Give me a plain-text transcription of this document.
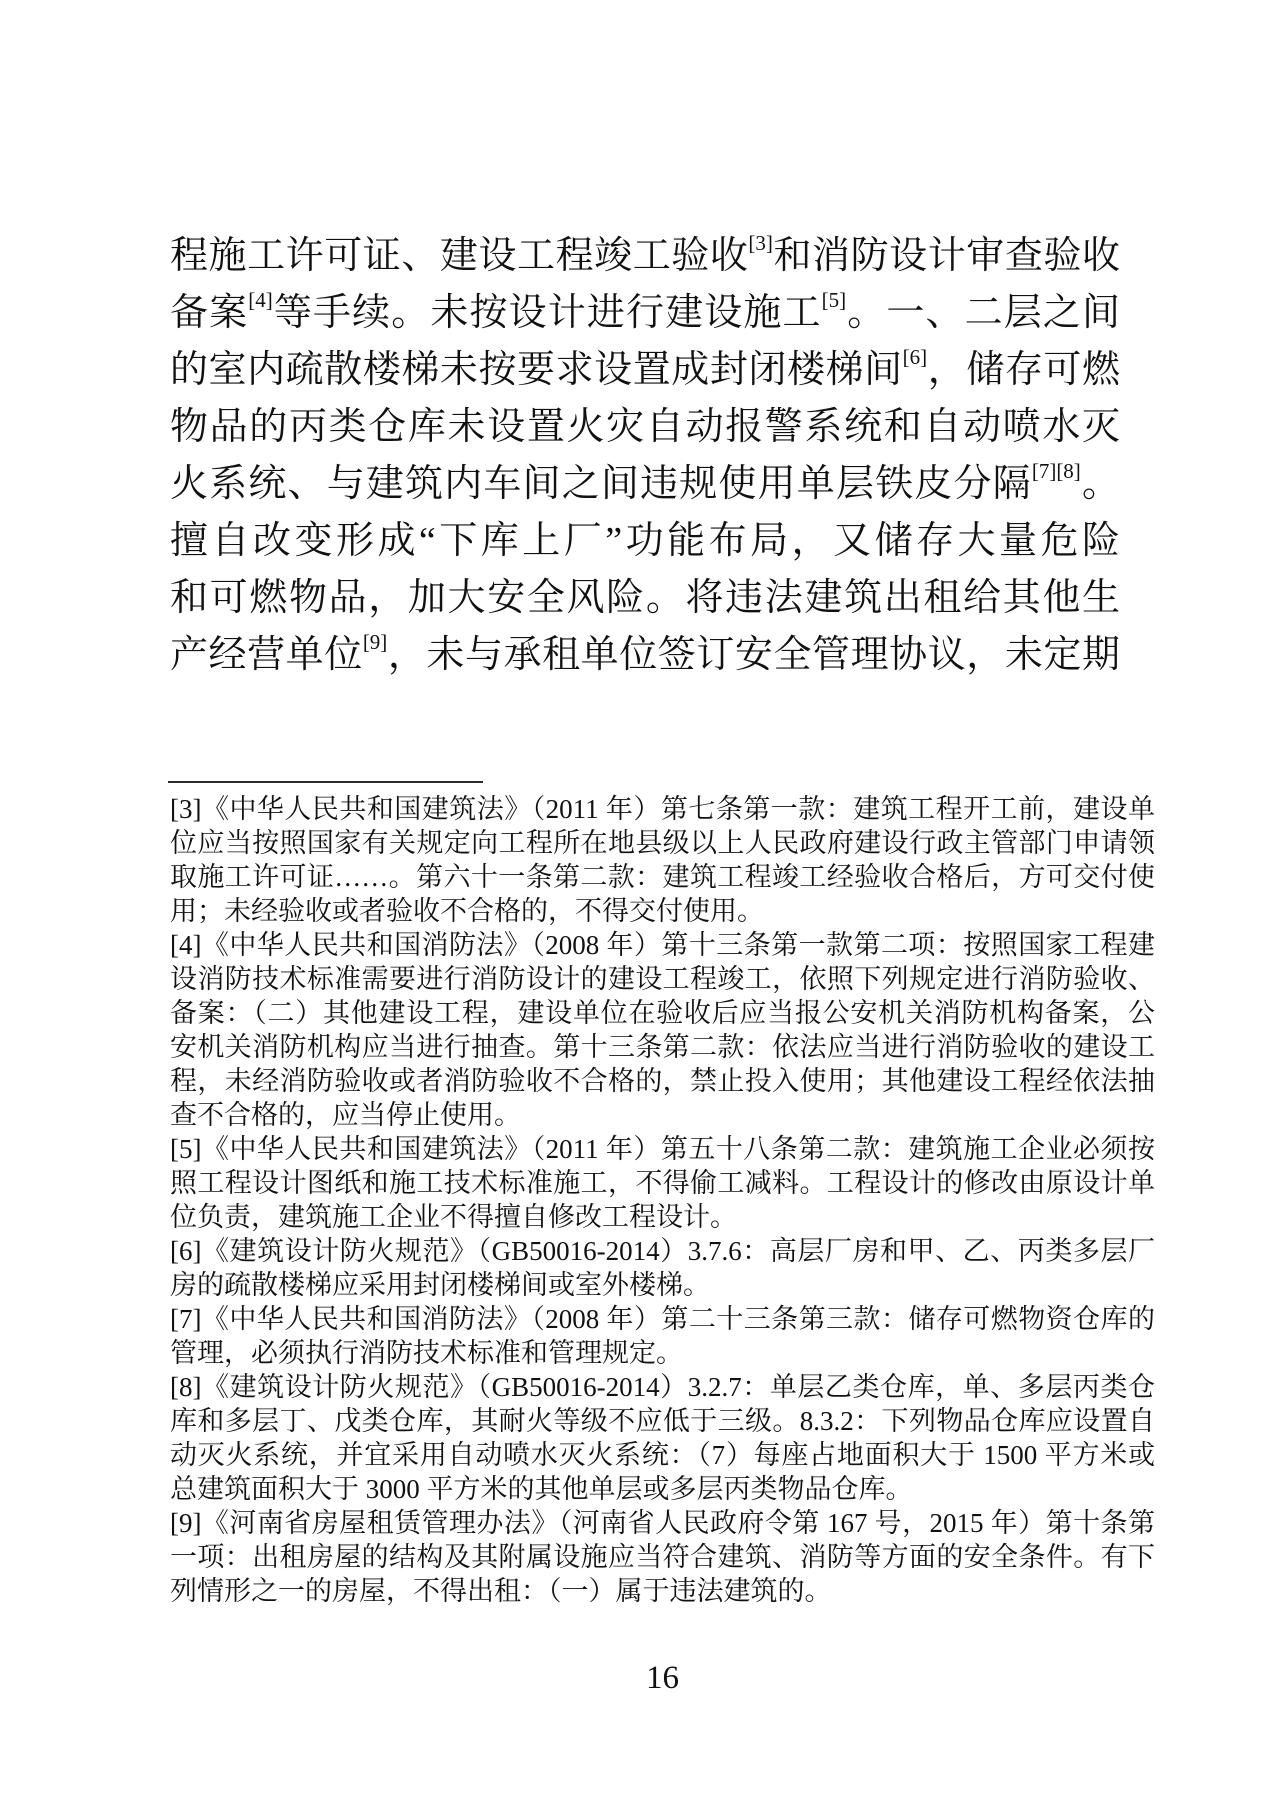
程施工许可证、建设工程竣工验收[3]和消防设计审查验收
备案[4]等手续。未按设计进行建设施工[5]。一、二层之间
的室内疏散楼梯未按要求设置成封闭楼梯间[6]，储存可燃
物品的丙类仓库未设置火灾自动报警系统和自动喷水灭
火系统、与建筑内车间之间违规使用单层铁皮分隔[7][8]。
擅自改变形成“下库上厂”功能布局，又储存大量危险
和可燃物品，加大安全风险。将违法建筑出租给其他生
产经营单位[9]，未与承租单位签订安全管理协议，未定期

[3]《中华人民共和国建筑法》（2011 年）第七条第一款：建筑工程开工前，建设单位应当按照国家有关规定向工程所在地县级以上人民政府建设行政主管部门申请领取施工许可证……。第六十一条第二款：建筑工程竣工经验收合格后，方可交付使用；未经验收或者验收不合格的，不得交付使用。

[4]《中华人民共和国消防法》（2008 年）第十三条第一款第二项：按照国家工程建设消防技术标准需要进行消防设计的建设工程竣工，依照下列规定进行消防验收、备案：（二）其他建设工程，建设单位在验收后应当报公安机关消防机构备案，公安机关消防机构应当进行抽查。第十三条第二款：依法应当进行消防验收的建设工程，未经消防验收或者消防验收不合格的，禁止投入使用；其他建设工程经依法抽查不合格的，应当停止使用。

[5]《中华人民共和国建筑法》（2011 年）第五十八条第二款：建筑施工企业必须按照工程设计图纸和施工技术标准施工，不得偷工减料。工程设计的修改由原设计单位负责，建筑施工企业不得擅自修改工程设计。

[6]《建筑设计防火规范》（GB50016-2014）3.7.6：高层厂房和甲、乙、丙类多层厂房的疏散楼梯应采用封闭楼梯间或室外楼梯。

[7]《中华人民共和国消防法》（2008 年）第二十三条第三款：储存可燃物资仓库的管理，必须执行消防技术标准和管理规定。

[8]《建筑设计防火规范》（GB50016-2014）3.2.7：单层乙类仓库，单、多层丙类仓库和多层丁、戊类仓库，其耐火等级不应低于三级。8.3.2：下列物品仓库应设置自动灭火系统，并宜采用自动喷水灭火系统：（7）每座占地面积大于 1500 平方米或总建筑面积大于 3000 平方米的其他单层或多层丙类物品仓库。

[9]《河南省房屋租赁管理办法》（河南省人民政府令第 167 号，2015 年）第十条第一项：出租房屋的结构及其附属设施应当符合建筑、消防等方面的安全条件。有下列情形之一的房屋，不得出租：（一）属于违法建筑的。

16
